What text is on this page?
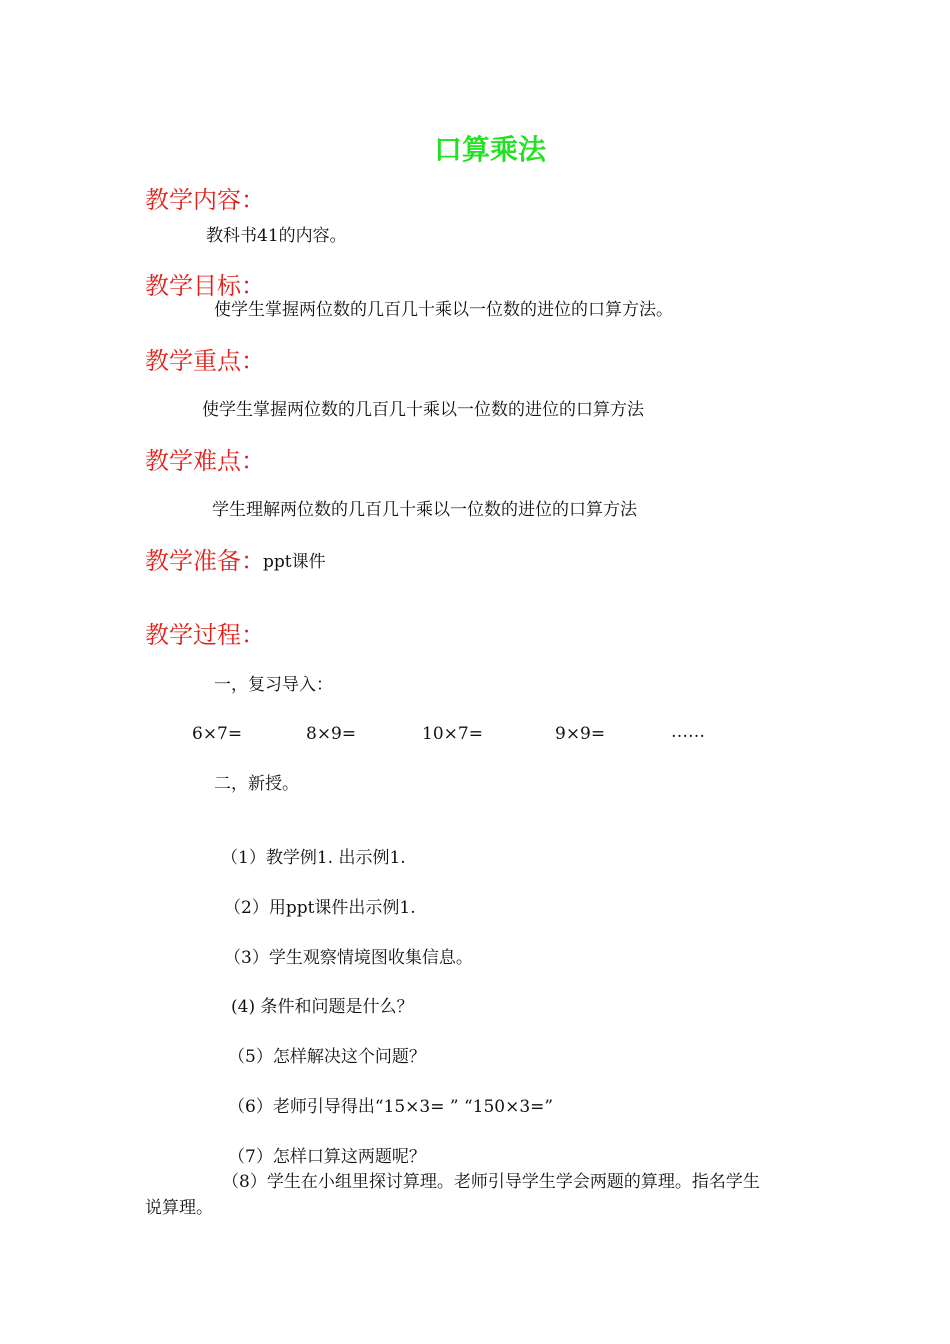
口算乘法
教学内容：
教科书41的内容。
教学目标：
使学生掌握两位数的几百几十乘以一位数的进位的口算方法。
教学重点：
使学生掌握两位数的几百几十乘以一位数的进位的口算方法
教学难点：
学生理解两位数的几百几十乘以一位数的进位的口算方法
教学准备：
ppt课件
教学过程：
一，复习导入：
6×7=	8×9=	10×7=	9×9=	……
二，新授。
（1）教学例1. 出示例1.
（2）用ppt课件出示例1.
（3）学生观察情境图收集信息。
(4) 条件和问题是什么？
（5）怎样解决这个问题？
（6）老师引导得出“15×3= ” “150×3=”
（7）怎样口算这两题呢？
（8）学生在小组里探讨算理。老师引导学生学会两题的算理。指名学生
说算理。
